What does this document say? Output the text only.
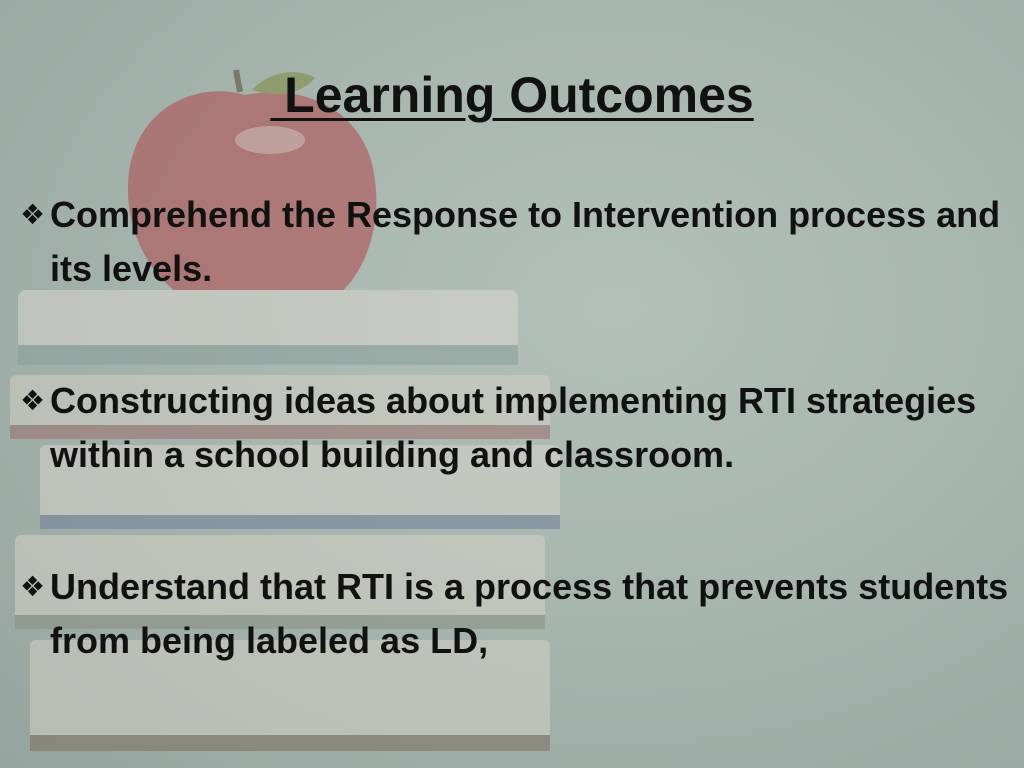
Learning Outcomes
❖ Comprehend the Response to Intervention process and its levels.
❖ Constructing ideas about implementing RTI strategies within a school building and classroom.
❖ Understand that RTI is a process that prevents students from being labeled as LD,
